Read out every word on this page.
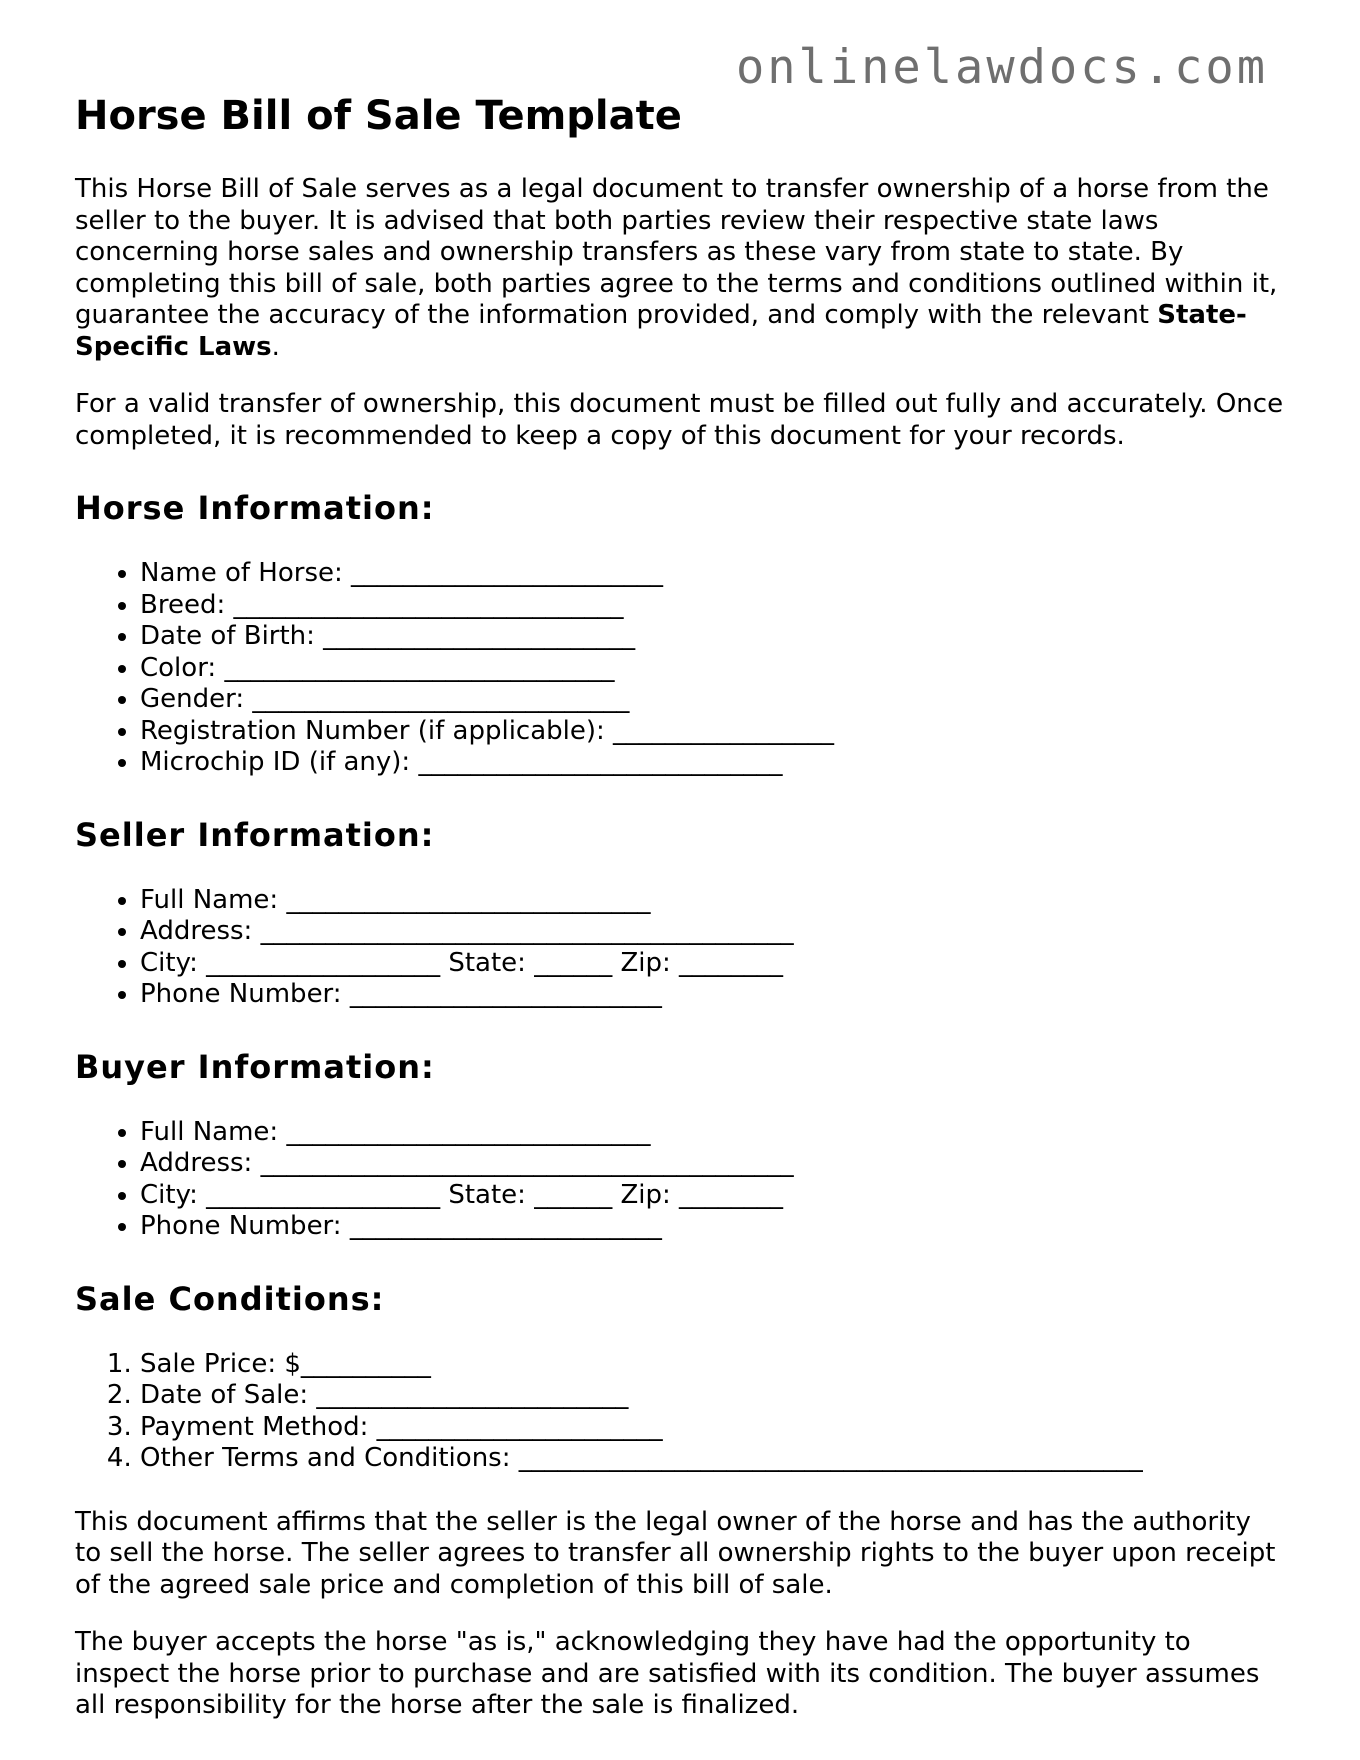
onlinelawdocs.com
Horse Bill of Sale Template

This Horse Bill of Sale serves as a legal document to transfer ownership of a horse from the seller to the buyer. It is advised that both parties review their respective state laws concerning horse sales and ownership transfers as these vary from state to state. By completing this bill of sale, both parties agree to the terms and conditions outlined within it, guarantee the accuracy of the information provided, and comply with the relevant State-Specific Laws.

For a valid transfer of ownership, this document must be filled out fully and accurately. Once completed, it is recommended to keep a copy of this document for your records.

Horse Information:
• Name of Horse: ________________________
• Breed: ______________________________
• Date of Birth: ________________________
• Color: ______________________________
• Gender: _____________________________
• Registration Number (if applicable): _________________
• Microchip ID (if any): ____________________________
Seller Information:
• Full Name: ____________________________
• Address: _________________________________________
• City: __________________ State: ______ Zip: ________
• Phone Number: ________________________
Buyer Information:
• Full Name: ____________________________
• Address: _________________________________________
• City: __________________ State: ______ Zip: ________
• Phone Number: ________________________
Sale Conditions:
1. Sale Price: $__________
2. Date of Sale: ________________________
3. Payment Method: ______________________
4. Other Terms and Conditions: ________________________________________________

This document affirms that the seller is the legal owner of the horse and has the authority to sell the horse. The seller agrees to transfer all ownership rights to the buyer upon receipt of the agreed sale price and completion of this bill of sale.

The buyer accepts the horse "as is," acknowledging they have had the opportunity to inspect the horse prior to purchase and are satisfied with its condition. The buyer assumes all responsibility for the horse after the sale is finalized.
